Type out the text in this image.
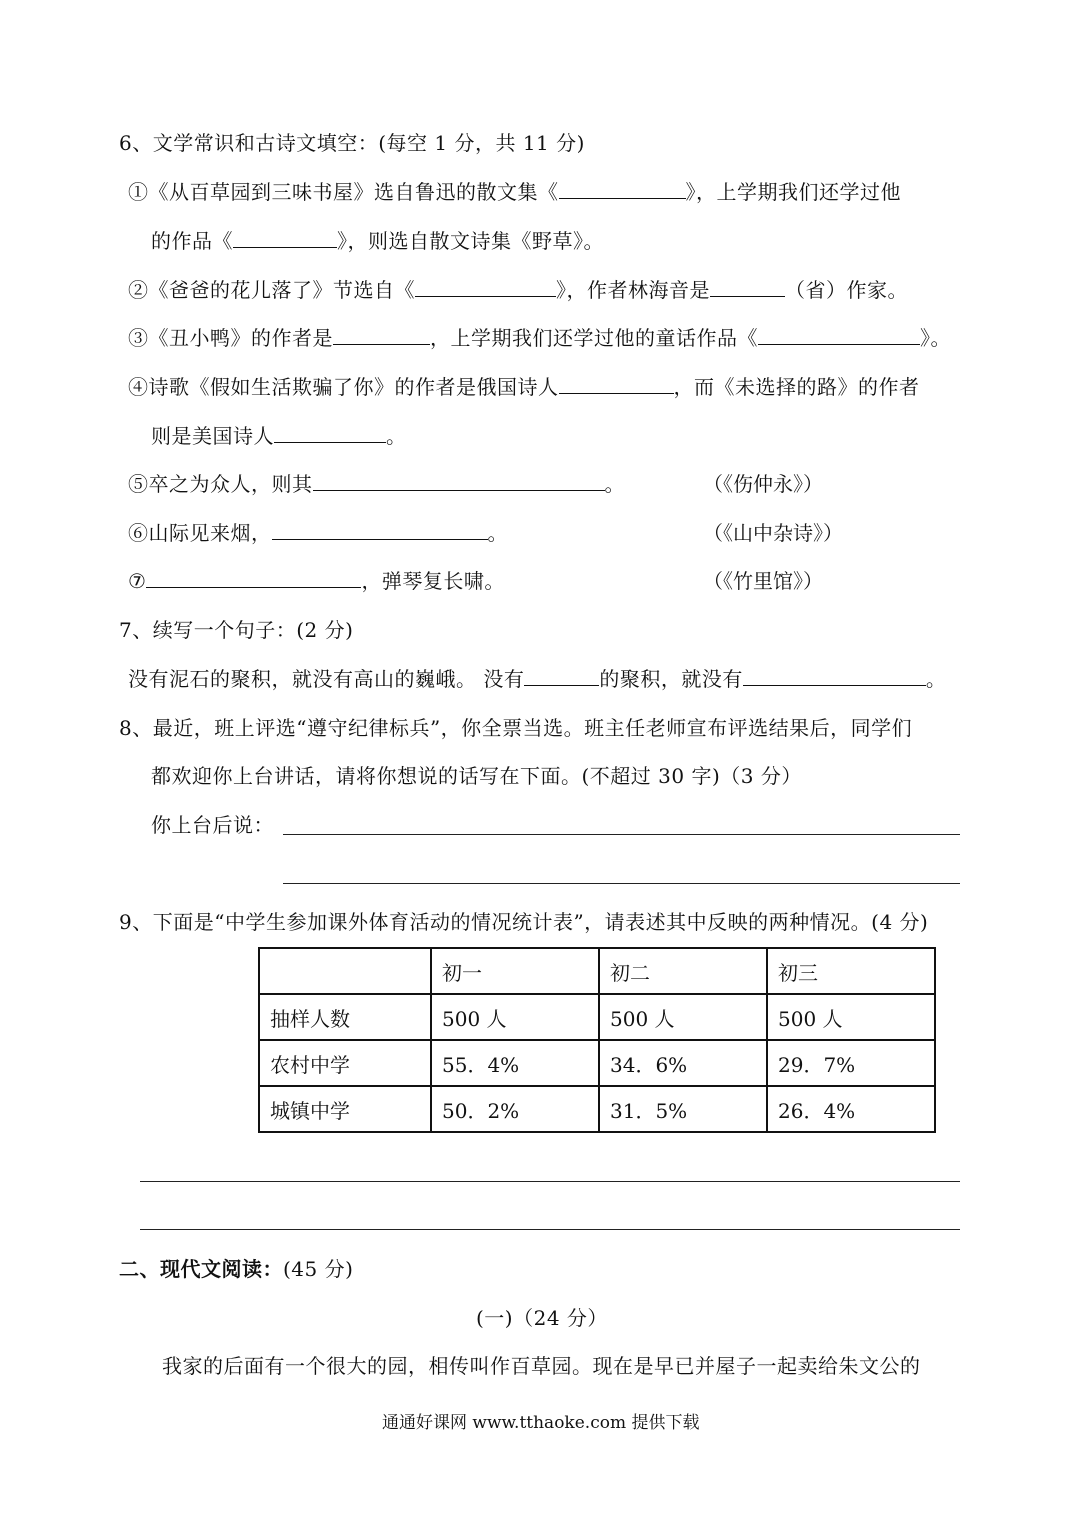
6、文学常识和古诗文填空：(每空 1 分，共 11 分)
①《从百草园到三味书屋》选自鲁迅的散文集《	》，上学期我们还学过他
的作品《	》，则选自散文诗集《野草》。
②《爸爸的花儿落了》节选自《	》，作者林海音是	（省）作家。
③《丑小鸭》的作者是	，上学期我们还学过他的童话作品《	》。
④诗歌《假如生活欺骗了你》的作者是俄国诗人	，而《未选择的路》的作者
则是美国诗人	。
⑤卒之为众人，则其	。	（《伤仲永》）
⑥山际见来烟，	。	（《山中杂诗》）
⑦	，弹琴复长啸。	（《竹里馆》）
7、续写一个句子：(2 分)
没有泥石的聚积，就没有高山的巍峨。 没有	的聚积，就没有	。
8、最近，班上评选“遵守纪律标兵”，你全票当选。班主任老师宣布评选结果后，同学们
都欢迎你上台讲话，请将你想说的话写在下面。(不超过 30 字)（3 分）
你上台后说：
9、下面是“中学生参加课外体育活动的情况统计表”，请表述其中反映的两种情况。(4 分)
	初一	初二	初三
抽样人数	500 人	500 人	500 人
农村中学	55．4%	34．6%	29．7%
城镇中学	50．2%	31．5%	26．4%
二、现代文阅读：(45 分)
(一)（24 分）
我家的后面有一个很大的园，相传叫作百草园。现在是早已并屋子一起卖给朱文公的
通通好课网 www.tthaoke.com 提供下载
